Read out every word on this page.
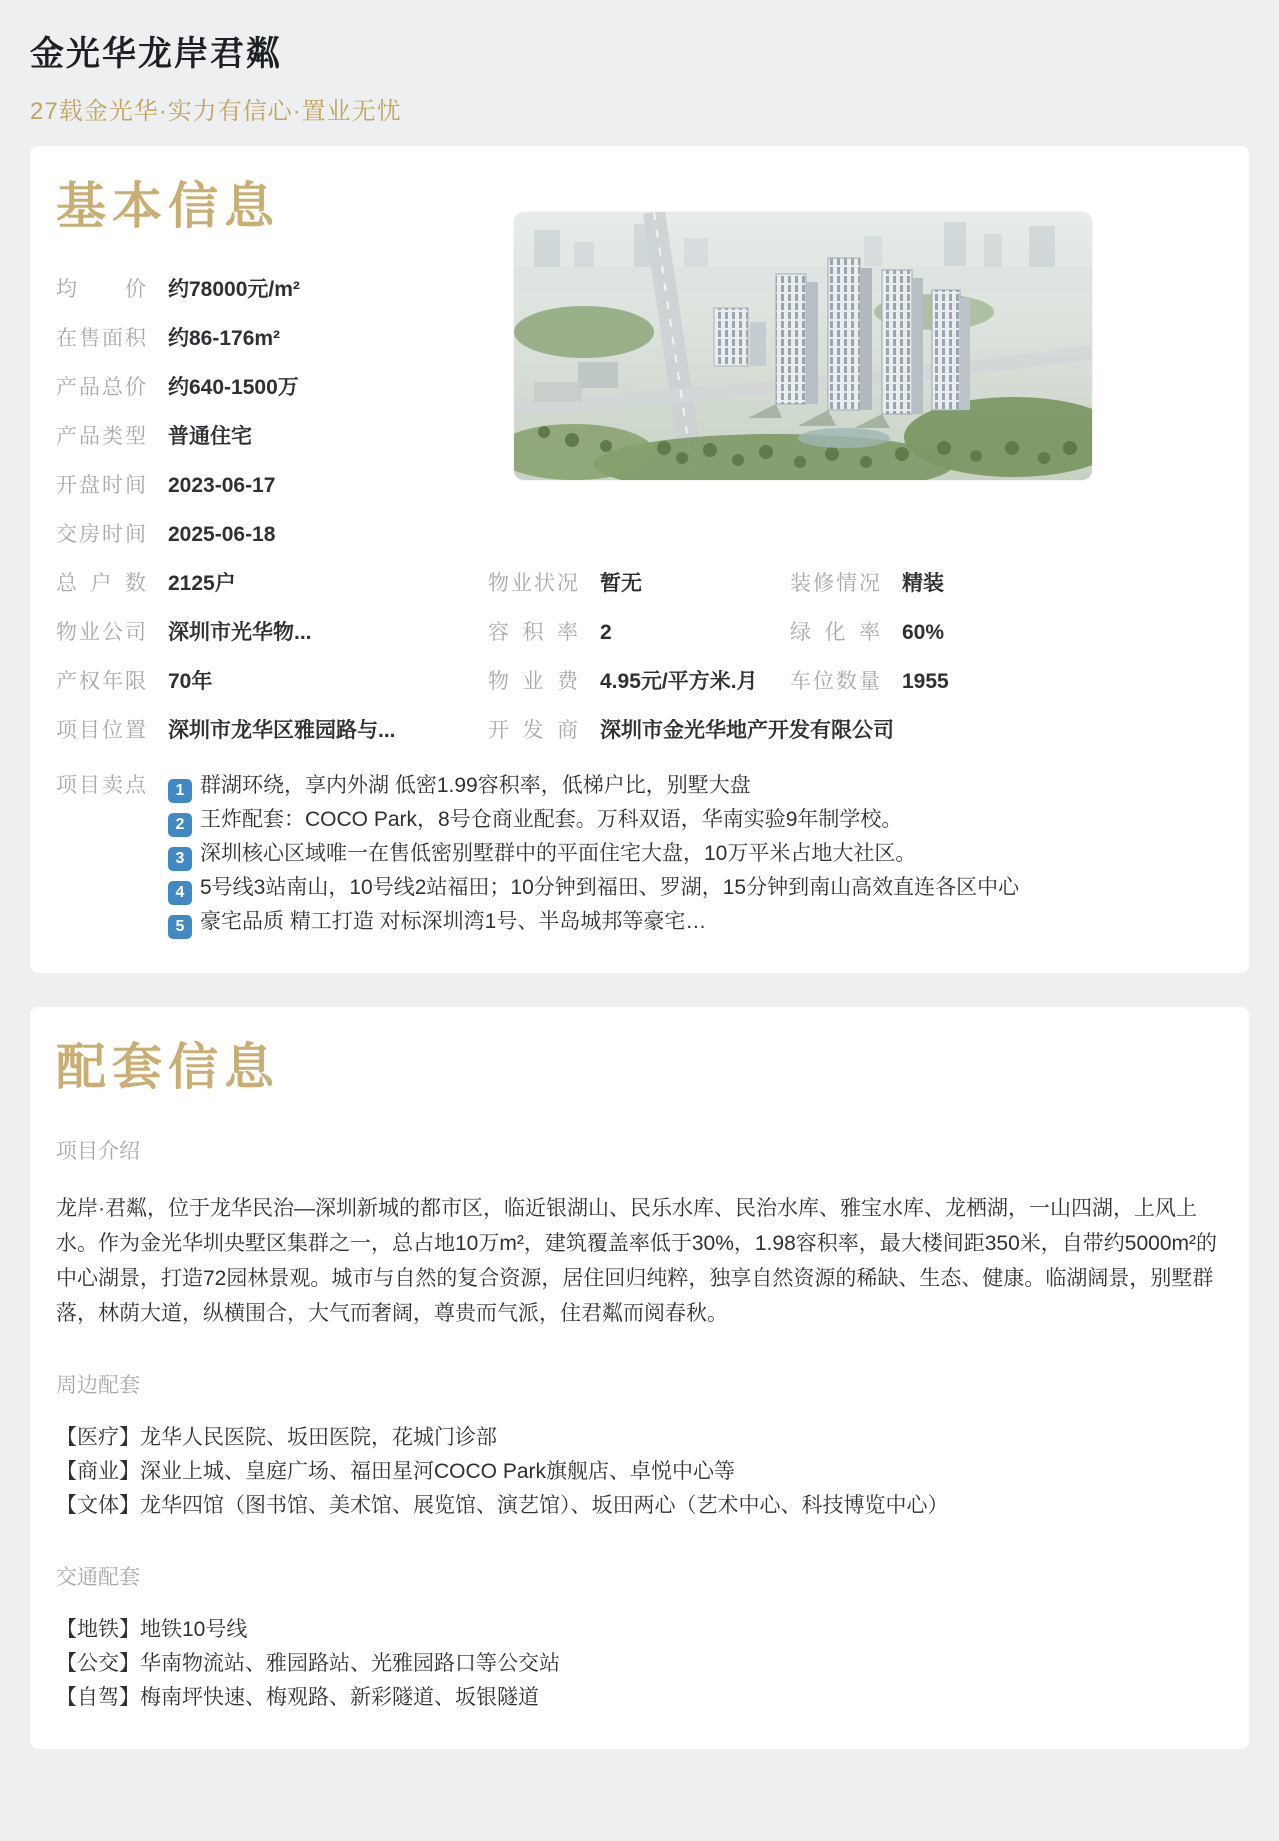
金光华龙岸君粼
27载金光华·实力有信心·置业无忧
基本信息
均价 约78000元/m²
在售面积 约86-176m²
产品总价 约640-1500万
产品类型 普通住宅
开盘时间 2023-06-17
交房时间 2025-06-18
总户数 2125户	物业状况 暂无	装修情况 精装
物业公司 深圳市光华物...	容积率 2	绿化率 60%
产权年限 70年	物业费 4.95元/平方米.月 车位数量 1955
项目位置 深圳市龙华区雅园路与...	开发商 深圳市金光华地产开发有限公司
项目卖点	1 群湖环绕，享内外湖 低密1.99容积率，低梯户比，别墅大盘
2 王炸配套：COCO Park，8号仓商业配套。万科双语，华南实验9年制学校。
3 深圳核心区域唯一在售低密别墅群中的平面住宅大盘，10万平米占地大社区。
4 5号线3站南山，10号线2站福田；10分钟到福田、罗湖，15分钟到南山高效直连各区中心
5 豪宅品质 精工打造 对标深圳湾1号、半岛城邦等豪宅…
配套信息
项目介绍
龙岸·君粼，位于龙华民治—深圳新城的都市区，临近银湖山、民乐水库、民治水库、雅宝水库、龙栖湖，一山四湖，上风上水。作为金光华圳央墅区集群之一，总占地10万m²，建筑覆盖率低于30%，1.98容积率，最大楼间距350米，自带约5000m²的中心湖景，打造72园林景观。城市与自然的复合资源，居住回归纯粹，独享自然资源的稀缺、生态、健康。临湖阔景，别墅群落，林荫大道，纵横围合，大气而奢阔，尊贵而气派，住君粼而阅春秋。
周边配套
【医疗】龙华人民医院、坂田医院，花城门诊部
【商业】深业上城、皇庭广场、福田星河COCO Park旗舰店、卓悦中心等
【文体】龙华四馆（图书馆、美术馆、展览馆、演艺馆）、坂田两心（艺术中心、科技博览中心）
交通配套
【地铁】地铁10号线
【公交】华南物流站、雅园路站、光雅园路口等公交站
【自驾】梅南坪快速、梅观路、新彩隧道、坂银隧道
